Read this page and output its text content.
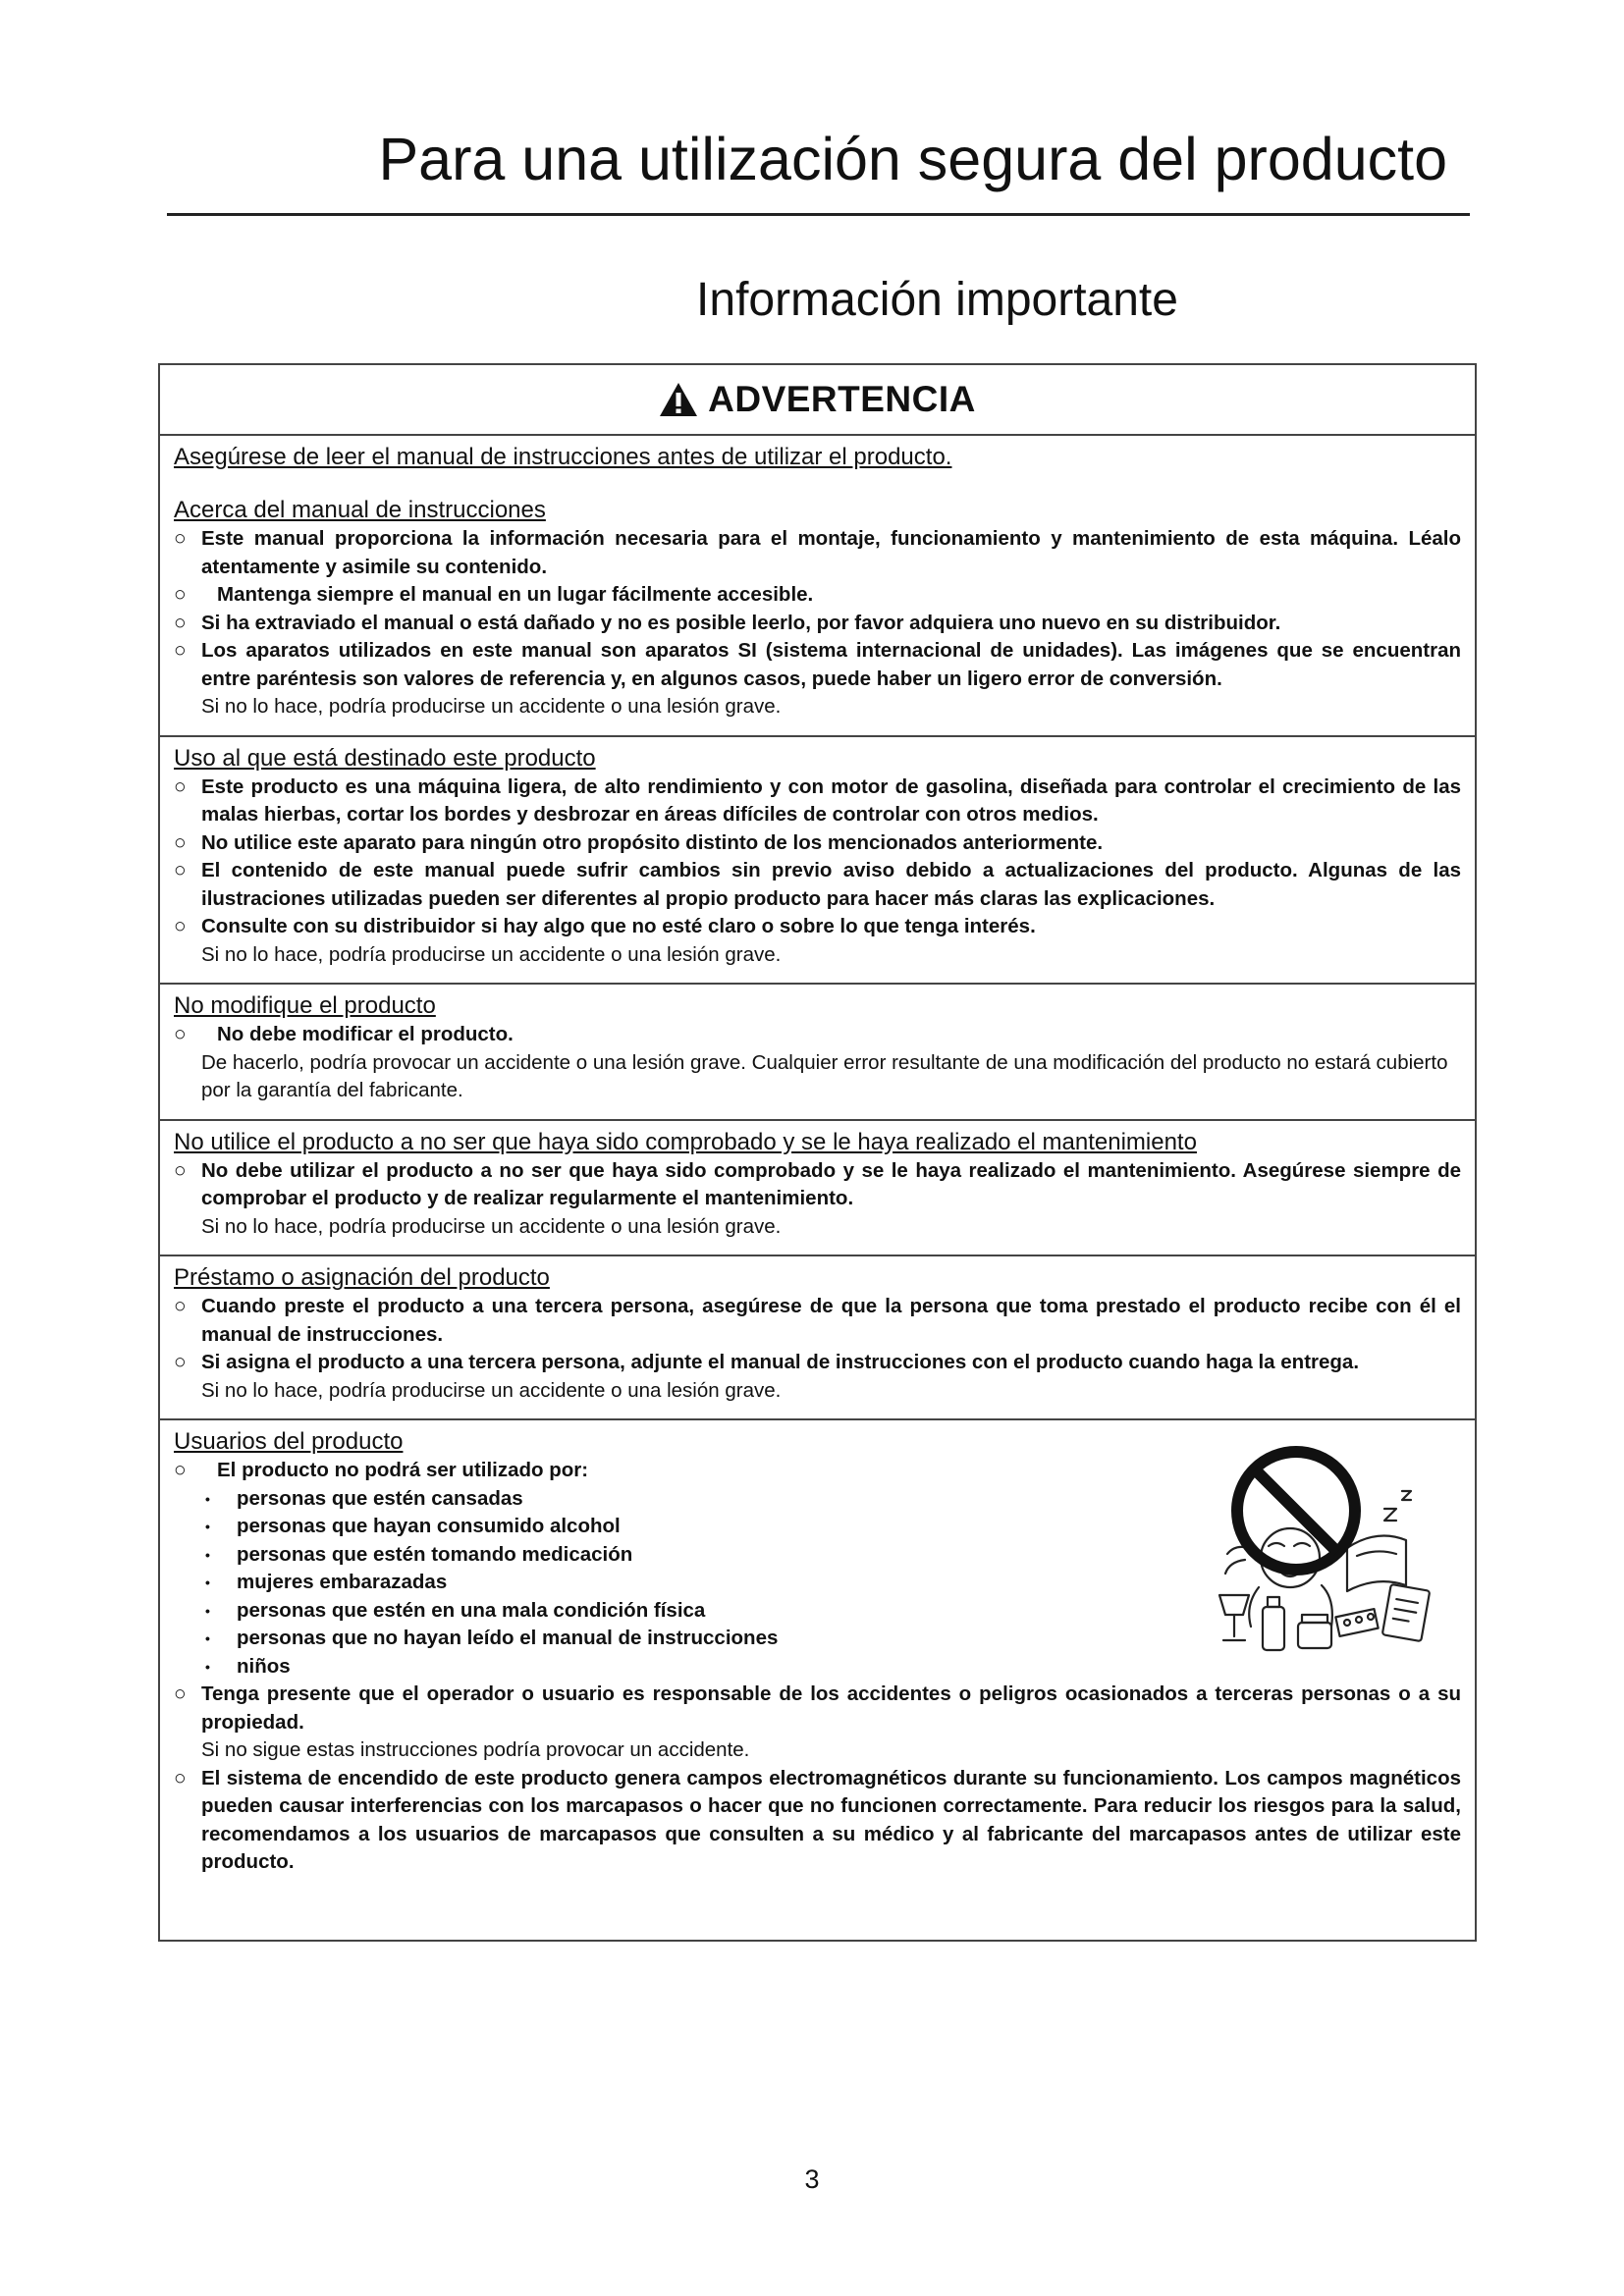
Para una utilización segura del producto
Información importante
ADVERTENCIA
Asegúrese de leer el manual de instrucciones antes de utilizar el producto.
Acerca del manual de instrucciones
○ Este manual proporciona la información necesaria para el montaje, funcionamiento y mantenimiento de esta máquina. Léalo atentamente y asimile su contenido.
○ Mantenga siempre el manual en un lugar fácilmente accesible.
○ Si ha extraviado el manual o está dañado y no es posible leerlo, por favor adquiera uno nuevo en su distribuidor.
○ Los aparatos utilizados en este manual son aparatos SI (sistema internacional de unidades). Las imágenes que se encuentran entre paréntesis son valores de referencia y, en algunos casos, puede haber un ligero error de conversión.
Si no lo hace, podría producirse un accidente o una lesión grave.
Uso al que está destinado este producto
○ Este producto es una máquina ligera, de alto rendimiento y con motor de gasolina, diseñada para controlar el crecimiento de las malas hierbas, cortar los bordes y desbrozar en áreas difíciles de controlar con otros medios.
○ No utilice este aparato para ningún otro propósito distinto de los mencionados anteriormente.
○ El contenido de este manual puede sufrir cambios sin previo aviso debido a actualizaciones del producto. Algunas de las ilustraciones utilizadas pueden ser diferentes al propio producto para hacer más claras las explicaciones.
○ Consulte con su distribuidor si hay algo que no esté claro o sobre lo que tenga interés.
Si no lo hace, podría producirse un accidente o una lesión grave.
No modifique el producto
○ No debe modificar el producto.
De hacerlo, podría provocar un accidente o una lesión grave. Cualquier error resultante de una modificación del producto no estará cubierto por la garantía del fabricante.
No utilice el producto a no ser que haya sido comprobado y se le haya realizado el mantenimiento
○ No debe utilizar el producto a no ser que haya sido comprobado y se le haya realizado el mantenimiento. Asegúrese siempre de comprobar el producto y de realizar regularmente el mantenimiento.
Si no lo hace, podría producirse un accidente o una lesión grave.
Préstamo o asignación del producto
○ Cuando preste el producto a una tercera persona, asegúrese de que la persona que toma prestado el producto recibe con él el manual de instrucciones.
○ Si asigna el producto a una tercera persona, adjunte el manual de instrucciones con el producto cuando haga la entrega.
Si no lo hace, podría producirse un accidente o una lesión grave.
Usuarios del producto
○ El producto no podrá ser utilizado por:
• personas que estén cansadas
• personas que hayan consumido alcohol
• personas que estén tomando medicación
• mujeres embarazadas
• personas que estén en una mala condición física
• personas que no hayan leído el manual de instrucciones
• niños
○ Tenga presente que el operador o usuario es responsable de los accidentes o peligros ocasionados a terceras personas o a su propiedad.
Si no sigue estas instrucciones podría provocar un accidente.
○ El sistema de encendido de este producto genera campos electromagnéticos durante su funcionamiento. Los campos magnéticos pueden causar interferencias con los marcapasos o hacer que no funcionen correctamente. Para reducir los riesgos para la salud, recomendamos a los usuarios de marcapasos que consulten a su médico y al fabricante del marcapasos antes de utilizar este producto.
3
